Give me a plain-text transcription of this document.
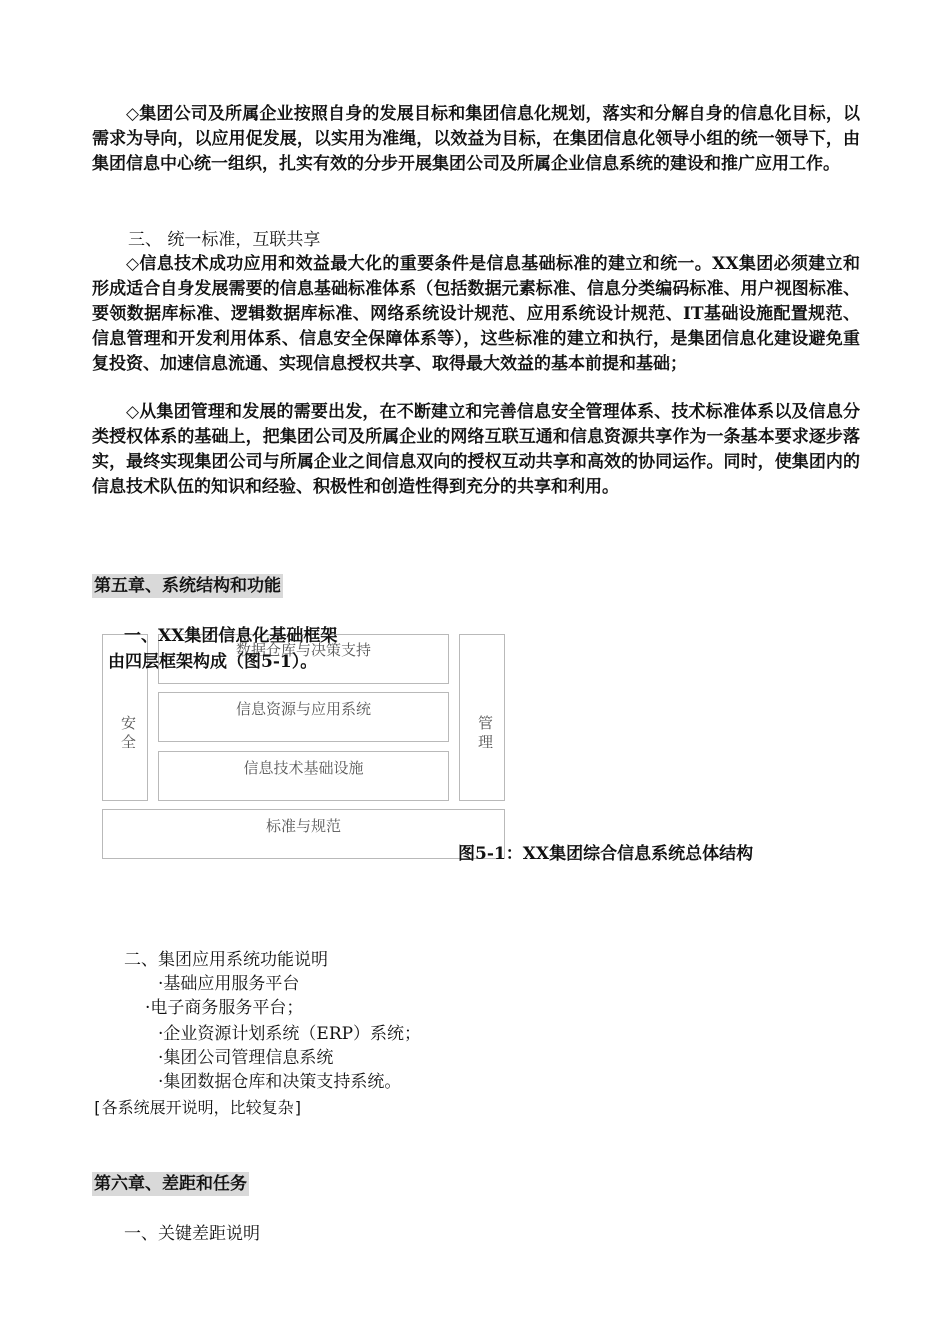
◇集团公司及所属企业按照自身的发展目标和集团信息化规划，落实和分解自身的信息化目标，以需求为导向，以应用促发展，以实用为准绳，以效益为目标，在集团信息化领导小组的统一领导下，由集团信息中心统一组织，扎实有效的分步开展集团公司及所属企业信息系统的建设和推广应用工作。

三、 统一标准，互联共享

◇信息技术成功应用和效益最大化的重要条件是信息基础标准的建立和统一。XX集团必须建立和形成适合自身发展需要的信息基础标准体系（包括数据元素标准、信息分类编码标准、用户视图标准、要领数据库标准、逻辑数据库标准、网络系统设计规范、应用系统设计规范、IT基础设施配置规范、信息管理和开发利用体系、信息安全保障体系等），这些标准的建立和执行，是集团信息化建设避免重复投资、加速信息流通、实现信息授权共享、取得最大效益的基本前提和基础；

◇从集团管理和发展的需要出发，在不断建立和完善信息安全管理体系、技术标准体系以及信息分类授权体系的基础上，把集团公司及所属企业的网络互联互通和信息资源共享作为一条基本要求逐步落实，最终实现集团公司与所属企业之间信息双向的授权互动共享和高效的协同运作。同时，使集团内的信息技术队伍的知识和经验、积极性和创造性得到充分的共享和利用。

第五章、系统结构和功能
安全
数据仓库与决策支持
信息资源与应用系统
信息技术基础设施
管理
标准与规范
一、XX集团信息化基础框架
由四层框架构成（图5-1）。
图5-1：XX集团综合信息系统总体结构
二、集团应用系统功能说明
·基础应用服务平台
·电子商务服务平台；
·企业资源计划系统（ERP）系统；
·集团公司管理信息系统
·集团数据仓库和决策支持系统。
[各系统展开说明，比较复杂]
第六章、差距和任务
一、关键差距说明
